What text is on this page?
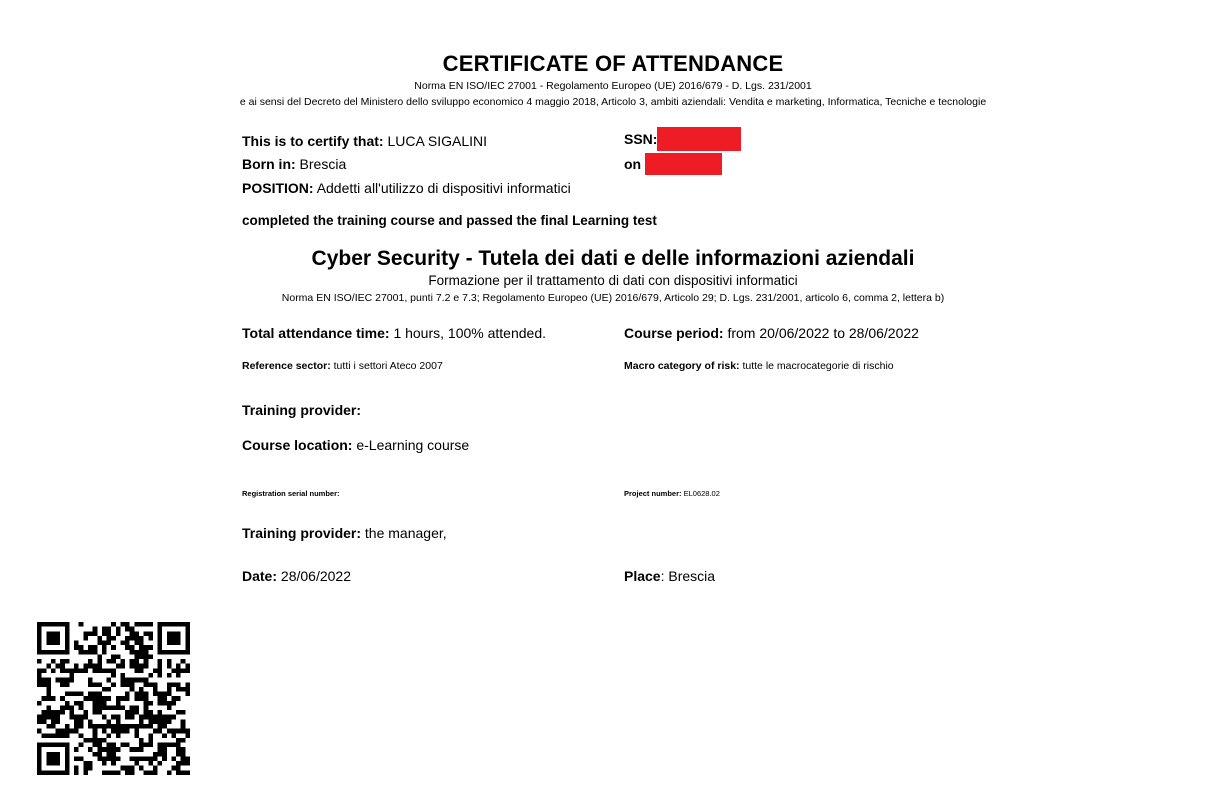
CERTIFICATE OF ATTENDANCE
Norma EN ISO/IEC 27001 - Regolamento Europeo (UE) 2016/679 - D. Lgs. 231/2001
e ai sensi del Decreto del Ministero dello sviluppo economico 4 maggio 2018, Articolo 3, ambiti aziendali: Vendita e marketing, Informatica, Tecniche e tecnologie
This is to certify that: LUCA SIGALINI	SSN:
Born in: Brescia	on
POSITION: Addetti all'utilizzo di dispositivi informatici
completed the training course and passed the final Learning test
Cyber Security - Tutela dei dati e delle informazioni aziendali
Formazione per il trattamento di dati con dispositivi informatici
Norma EN ISO/IEC 27001, punti 7.2 e 7.3; Regolamento Europeo (UE) 2016/679, Articolo 29; D. Lgs. 231/2001, articolo 6, comma 2, lettera b)
Total attendance time: 1 hours, 100% attended.	Course period: from 20/06/2022 to 28/06/2022
Reference sector: tutti i settori Ateco 2007	Macro category of risk: tutte le macrocategorie di rischio
Training provider:
Course location: e-Learning course
Registration serial number:	Project number: EL0628.02
Training provider: the manager,
Date: 28/06/2022	Place: Brescia
